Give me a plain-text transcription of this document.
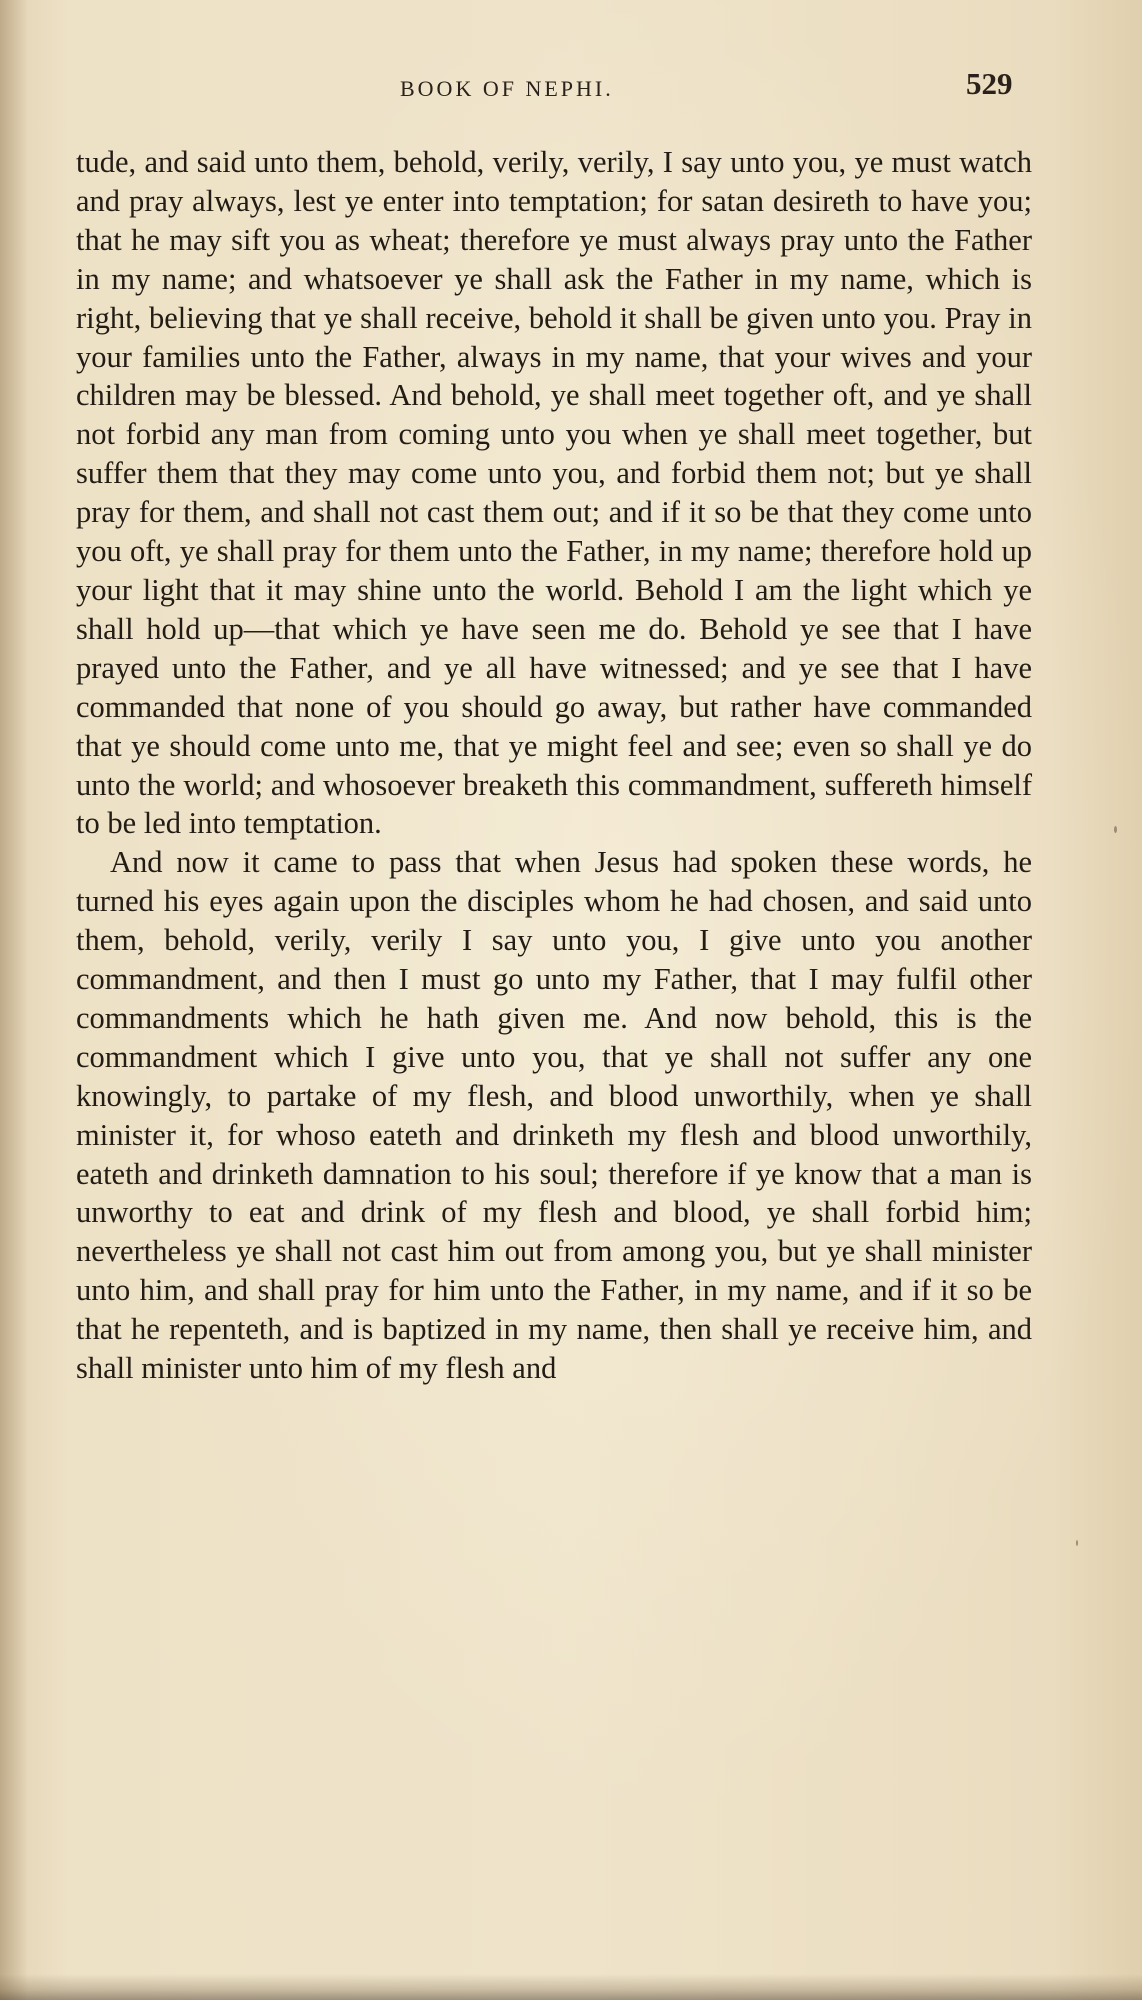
BOOK OF NEPHI.	529

tude, and said unto them, behold, verily, verily, I say unto you, ye must watch and pray always, lest ye enter into temptation; for satan desireth to have you; that he may sift you as wheat; therefore ye must always pray unto the Father in my name; and whatsoever ye shall ask the Father in my name, which is right, believing that ye shall receive, behold it shall be given unto you. Pray in your families unto the Father, always in my name, that your wives and your children may be blessed. And behold, ye shall meet together oft, and ye shall not forbid any man from coming unto you when ye shall meet together, but suffer them that they may come unto you, and forbid them not; but ye shall pray for them, and shall not cast them out; and if it so be that they come unto you oft, ye shall pray for them unto the Father, in my name; therefore hold up your light that it may shine unto the world. Behold I am the light which ye shall hold up—that which ye have seen me do. Behold ye see that I have prayed unto the Father, and ye all have witnessed; and ye see that I have commanded that none of you should go away, but rather have commanded that ye should come unto me, that ye might feel and see; even so shall ye do unto the world; and whosoever breaketh this commandment, suffereth himself to be led into temptation.

And now it came to pass that when Jesus had spoken these words, he turned his eyes again upon the disciples whom he had chosen, and said unto them, behold, verily, verily I say unto you, I give unto you another commandment, and then I must go unto my Father, that I may fulfil other commandments which he hath given me. And now behold, this is the commandment which I give unto you, that ye shall not suffer any one knowingly, to partake of my flesh, and blood unworthily, when ye shall minister it, for whoso eateth and drinketh my flesh and blood unworthily, eateth and drinketh damnation to his soul; therefore if ye know that a man is unworthy to eat and drink of my flesh and blood, ye shall forbid him; nevertheless ye shall not cast him out from among you, but ye shall minister unto him, and shall pray for him unto the Father, in my name, and if it so be that he repenteth, and is baptized in my name, then shall ye receive him, and shall minister unto him of my flesh and
